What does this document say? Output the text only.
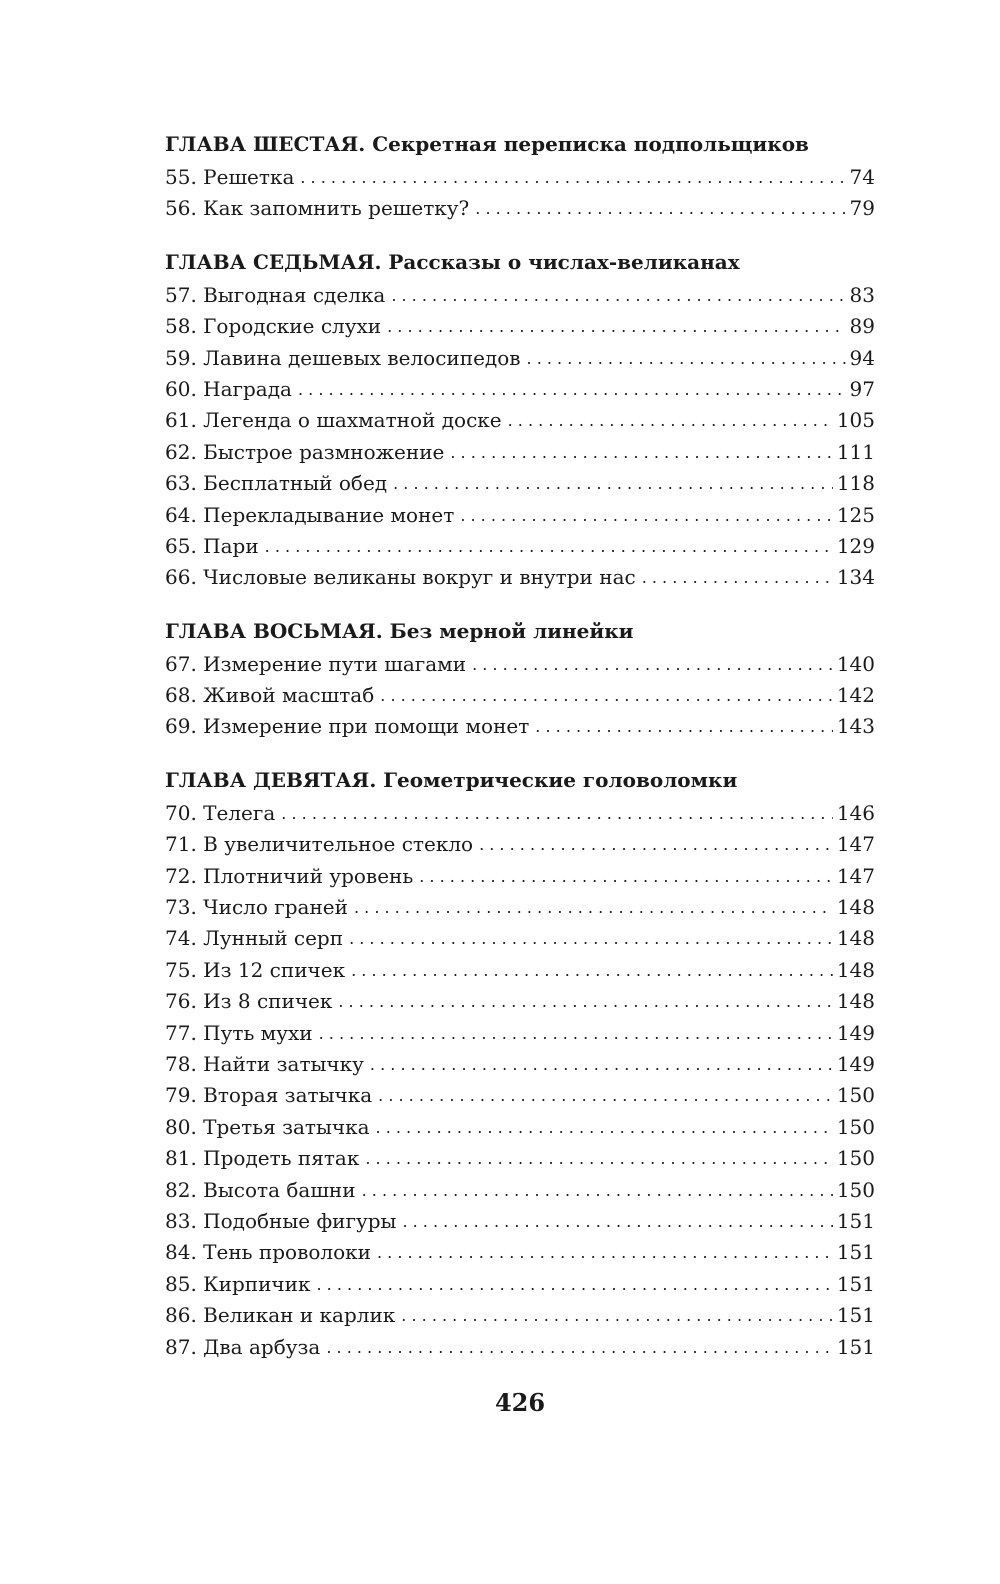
ГЛАВА ШЕСТАЯ. Секретная переписка подпольщиков
55. Решетка . . .	74
56. Как запомнить решетку? . . .	79
ГЛАВА СЕДЬМАЯ. Рассказы о числах-великанах
57. Выгодная сделка . . .	83
58. Городские слухи . . .	89
59. Лавина дешевых велосипедов . . .	94
60. Награда . . .	97
61. Легенда о шахматной доске . . .	105
62. Быстрое размножение . . .	111
63. Бесплатный обед . . .	118
64. Перекладывание монет . . .	125
65. Пари . . .	129
66. Числовые великаны вокруг и внутри нас . . .	134
ГЛАВА ВОСЬМАЯ. Без мерной линейки
67. Измерение пути шагами . . .	140
68. Живой масштаб . . .	142
69. Измерение при помощи монет . . .	143
ГЛАВА ДЕВЯТАЯ. Геометрические головоломки
70. Телега . . .	146
71. В увеличительное стекло . . .	147
72. Плотничий уровень . . .	147
73. Число граней . . .	148
74. Лунный серп . . .	148
75. Из 12 спичек . . .	148
76. Из 8 спичек . . .	148
77. Путь мухи . . .	149
78. Найти затычку . . .	149
79. Вторая затычка . . .	150
80. Третья затычка . . .	150
81. Продеть пятак . . .	150
82. Высота башни . . .	150
83. Подобные фигуры . . .	151
84. Тень проволоки . . .	151
85. Кирпичик . . .	151
86. Великан и карлик . . .	151
87. Два арбуза . . .	151
426
